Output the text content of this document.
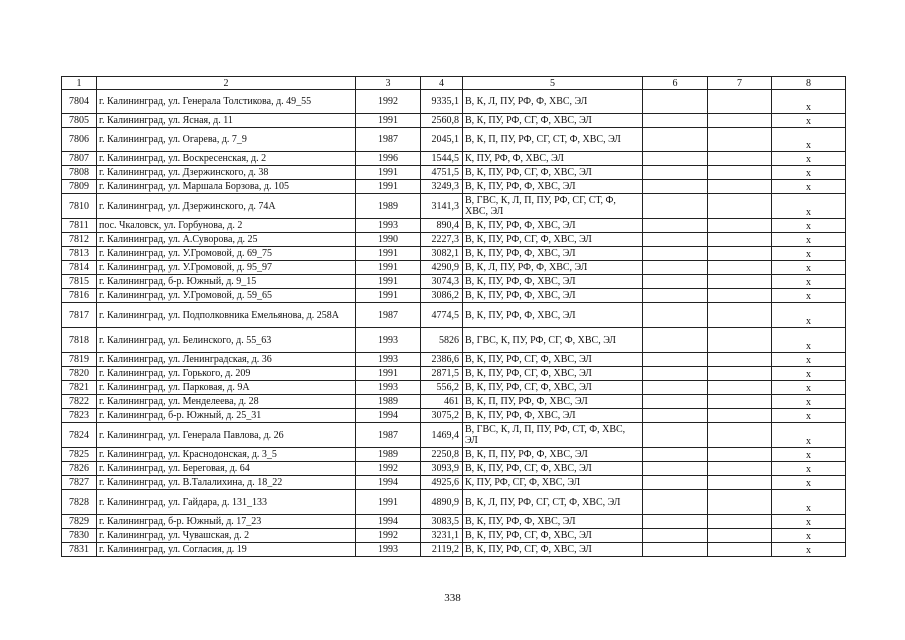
1	2	3	4	5	6	7	8
7804	г. Калининград, ул. Генерала Толстикова, д. 49_55	1992	9335,1	В, К, Л, ПУ, РФ, Ф, ХВС, ЭЛ			х
7805	г. Калининград, ул. Ясная, д. 11	1991	2560,8	В, К, ПУ, РФ, СГ, Ф, ХВС, ЭЛ			х
7806	г. Калининград, ул. Огарева, д. 7_9	1987	2045,1	В, К, П, ПУ, РФ, СГ, СТ, Ф, ХВС, ЭЛ			х
7807	г. Калининград, ул. Воскресенская, д. 2	1996	1544,5	К, ПУ, РФ, Ф, ХВС, ЭЛ			х
7808	г. Калининград, ул. Дзержинского, д. 38	1991	4751,5	В, К, ПУ, РФ, СГ, Ф, ХВС, ЭЛ			х
7809	г. Калининград, ул. Маршала Борзова, д. 105	1991	3249,3	В, К, ПУ, РФ, Ф, ХВС, ЭЛ			х
7810	г. Калининград, ул. Дзержинского, д. 74А	1989	3141,3	В, ГВС, К, Л, П, ПУ, РФ, СГ, СТ, Ф, ХВС, ЭЛ			х
7811	пос. Чкаловск, ул. Горбунова, д. 2	1993	890,4	В, К, ПУ, РФ, Ф, ХВС, ЭЛ			х
7812	г. Калининград, ул. А.Суворова, д. 25	1990	2227,3	В, К, ПУ, РФ, СГ, Ф, ХВС, ЭЛ			х
7813	г. Калининград, ул. У.Громовой, д. 69_75	1991	3082,1	В, К, ПУ, РФ, Ф, ХВС, ЭЛ			х
7814	г. Калининград, ул. У.Громовой, д. 95_97	1991	4290,9	В, К, Л, ПУ, РФ, Ф, ХВС, ЭЛ			х
7815	г. Калининград, б-р. Южный, д. 9_15	1991	3074,3	В, К, ПУ, РФ, Ф, ХВС, ЭЛ			х
7816	г. Калининград, ул. У.Громовой, д. 59_65	1991	3086,2	В, К, ПУ, РФ, Ф, ХВС, ЭЛ			х
7817	г. Калининград, ул. Подполковника Емельянова, д. 258А	1987	4774,5	В, К, ПУ, РФ, Ф, ХВС, ЭЛ			х
7818	г. Калининград, ул. Белинского, д. 55_63	1993	5826	В, ГВС, К, ПУ, РФ, СГ, Ф, ХВС, ЭЛ			х
7819	г. Калининград, ул. Ленинградская, д. 36	1993	2386,6	В, К, ПУ, РФ, СГ, Ф, ХВС, ЭЛ			х
7820	г. Калининград, ул. Горького, д. 209	1991	2871,5	В, К, ПУ, РФ, СГ, Ф, ХВС, ЭЛ			х
7821	г. Калининград, ул. Парковая, д. 9А	1993	556,2	В, К, ПУ, РФ, СГ, Ф, ХВС, ЭЛ			х
7822	г. Калининград, ул. Менделеева, д. 28	1989	461	В, К, П, ПУ, РФ, Ф, ХВС, ЭЛ			х
7823	г. Калининград, б-р. Южный, д. 25_31	1994	3075,2	В, К, ПУ, РФ, Ф, ХВС, ЭЛ			х
7824	г. Калининград, ул. Генерала Павлова, д. 26	1987	1469,4	В, ГВС, К, Л, П, ПУ, РФ, СТ, Ф, ХВС, ЭЛ			х
7825	г. Калининград, ул. Краснодонская, д. 3_5	1989	2250,8	В, К, П, ПУ, РФ, Ф, ХВС, ЭЛ			х
7826	г. Калининград, ул. Береговая, д. 64	1992	3093,9	В, К, ПУ, РФ, СГ, Ф, ХВС, ЭЛ			х
7827	г. Калининград, ул. В.Талалихина, д. 18_22	1994	4925,6	К, ПУ, РФ, СГ, Ф, ХВС, ЭЛ			х
7828	г. Калининград, ул. Гайдара, д. 131_133	1991	4890,9	В, К, Л, ПУ, РФ, СГ, СТ, Ф, ХВС, ЭЛ			х
7829	г. Калининград, б-р. Южный, д. 17_23	1994	3083,5	В, К, ПУ, РФ, Ф, ХВС, ЭЛ			х
7830	г. Калининград, ул. Чувашская, д. 2	1992	3231,1	В, К, ПУ, РФ, СГ, Ф, ХВС, ЭЛ			х
7831	г. Калининград, ул. Согласия, д. 19	1993	2119,2	В, К, ПУ, РФ, СГ, Ф, ХВС, ЭЛ			х
338
